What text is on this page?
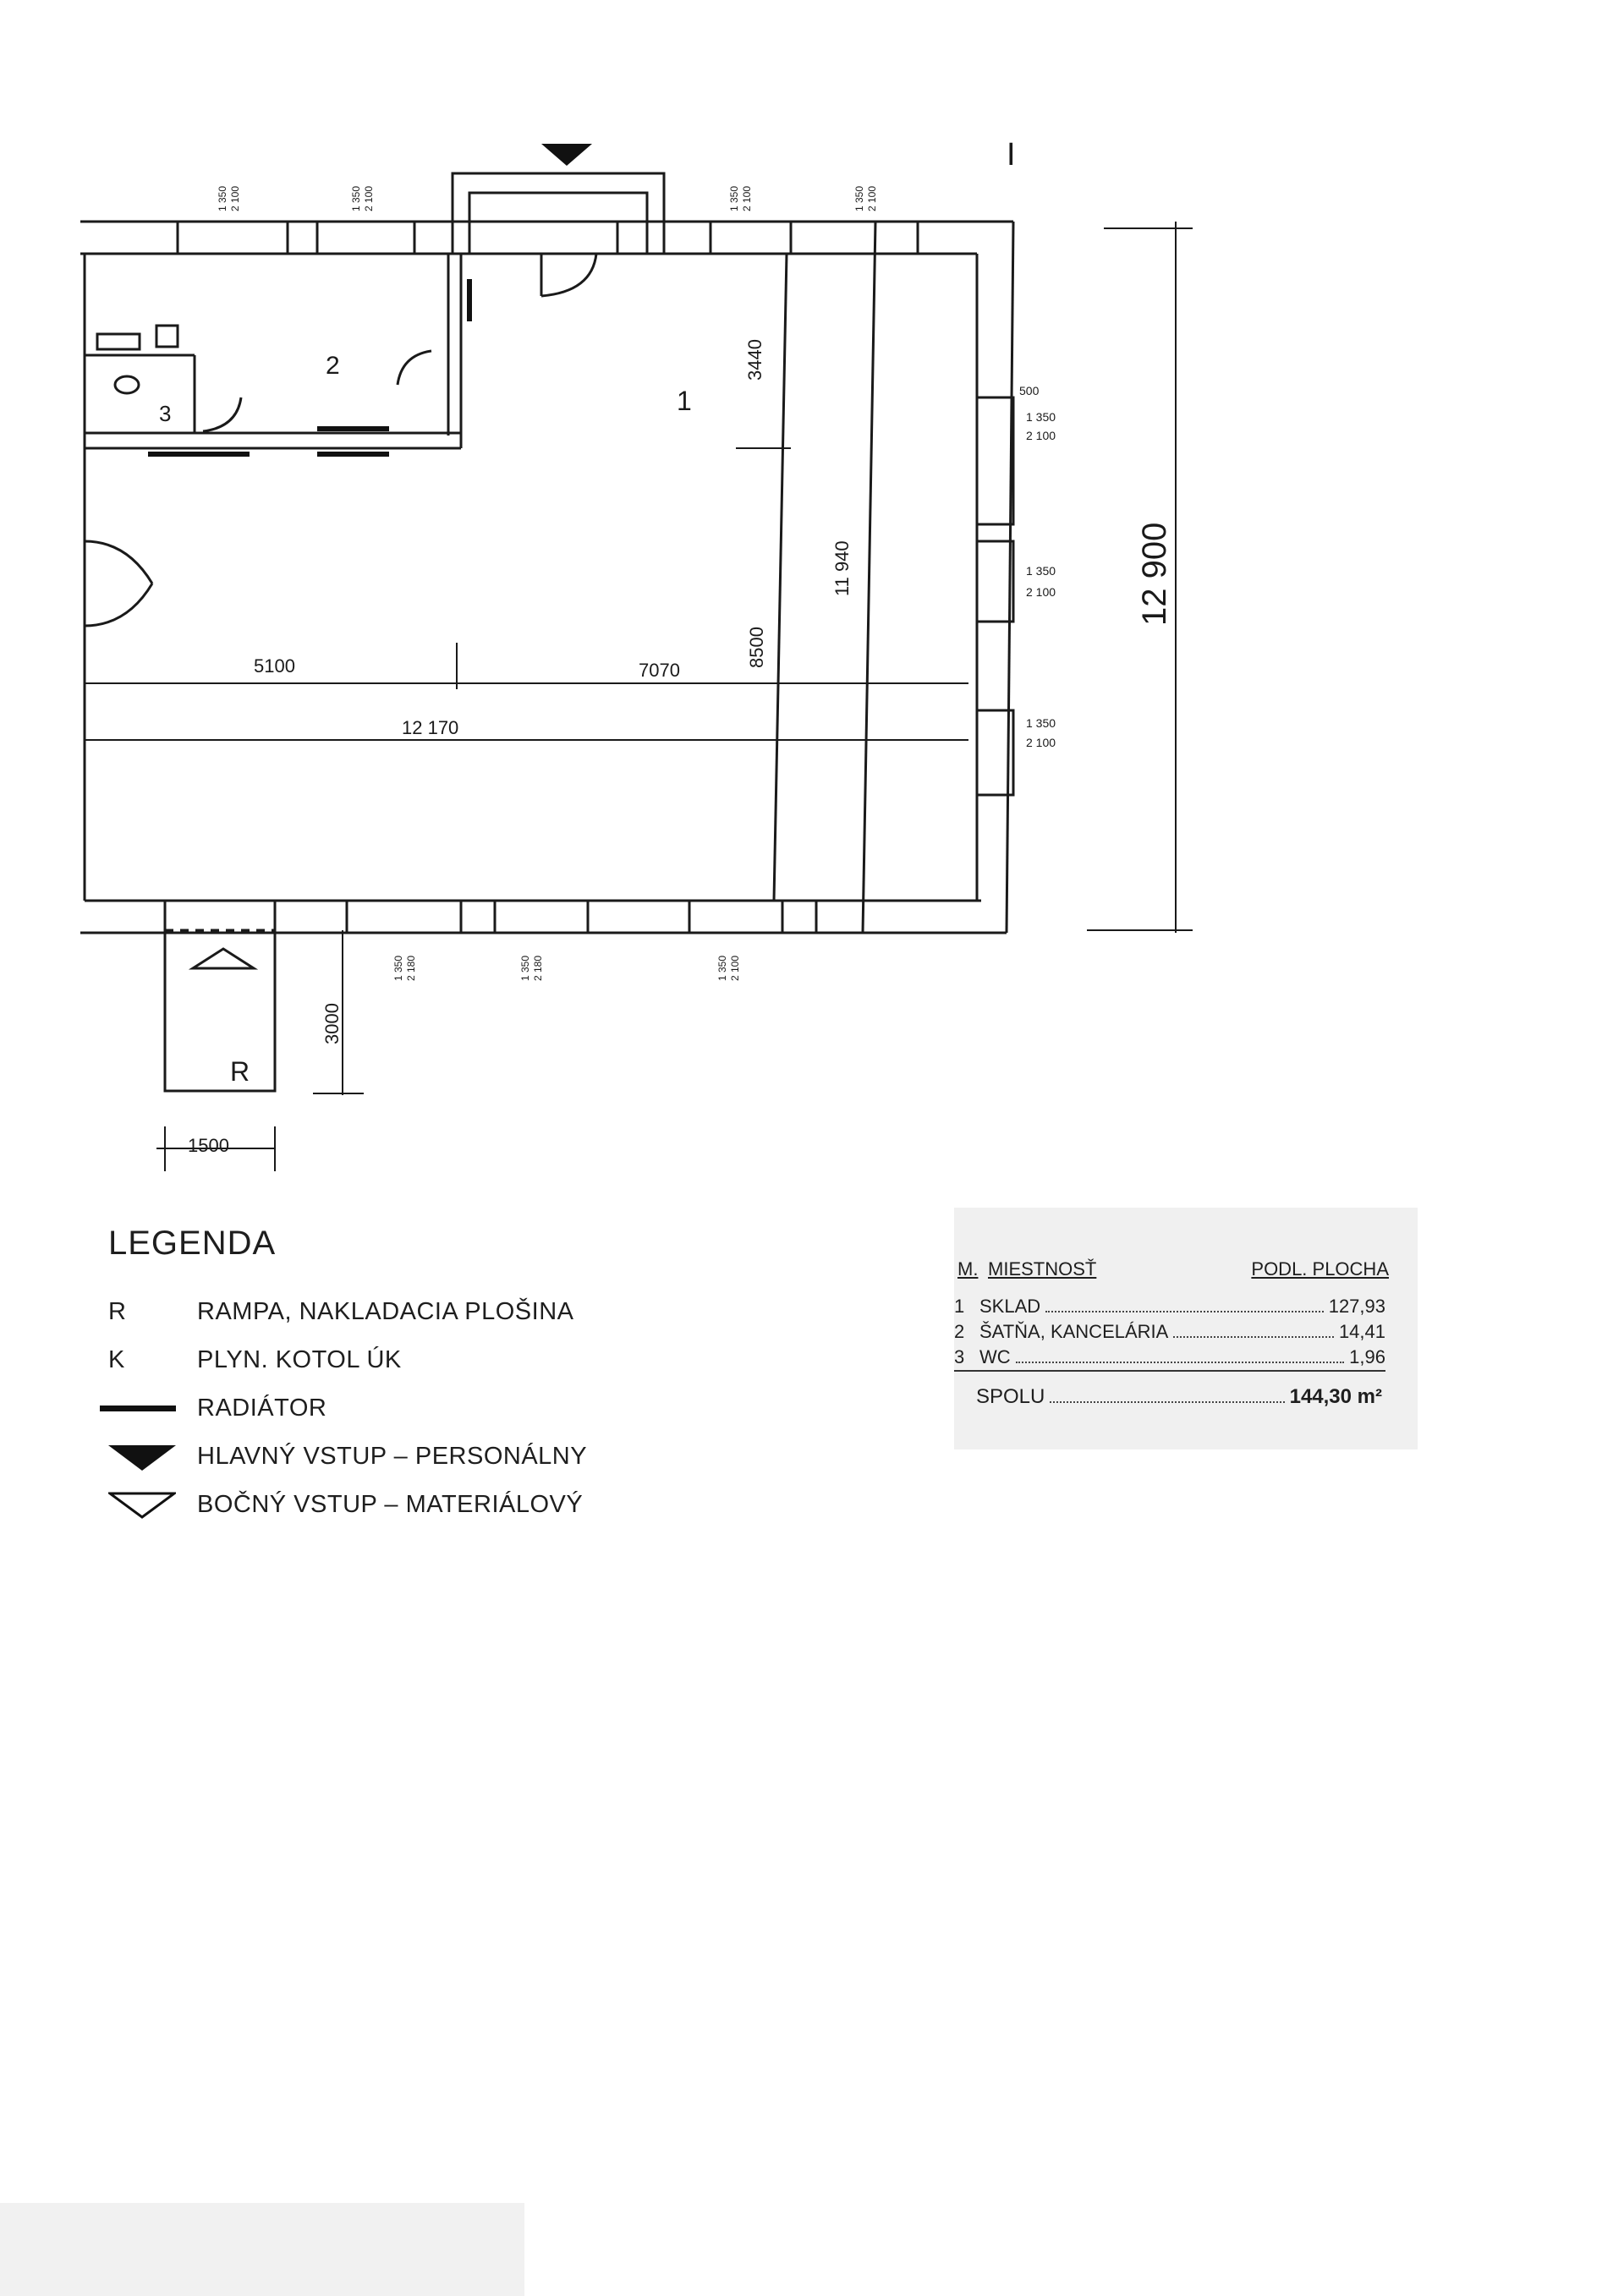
1
2
3
I
R
5100	7070
12 170
1500
500
3440
8500
11 940	12 900
3000
1 350
2 100
1 350
2 100
1 350
2 100
1 350 2 100	1 350 2 100	1 350 2 100	1 350 2 100
1 350 2 180	1 350 2 180	1 350 2 100
LEGENDA
R	RAMPA, NAKLADACIA PLOŠINA
K	PLYN. KOTOL ÚK
RADIÁTOR
HLAVNÝ VSTUP – PERSONÁLNY
BOČNÝ VSTUP – MATERIÁLOVÝ
M. MIESTNOSŤ	PODL. PLOCHA
1 SKLAD	127,93
2 ŠATŇA, KANCELÁRIA	14,41
3 WC	1,96
SPOLU	144,30 m²
